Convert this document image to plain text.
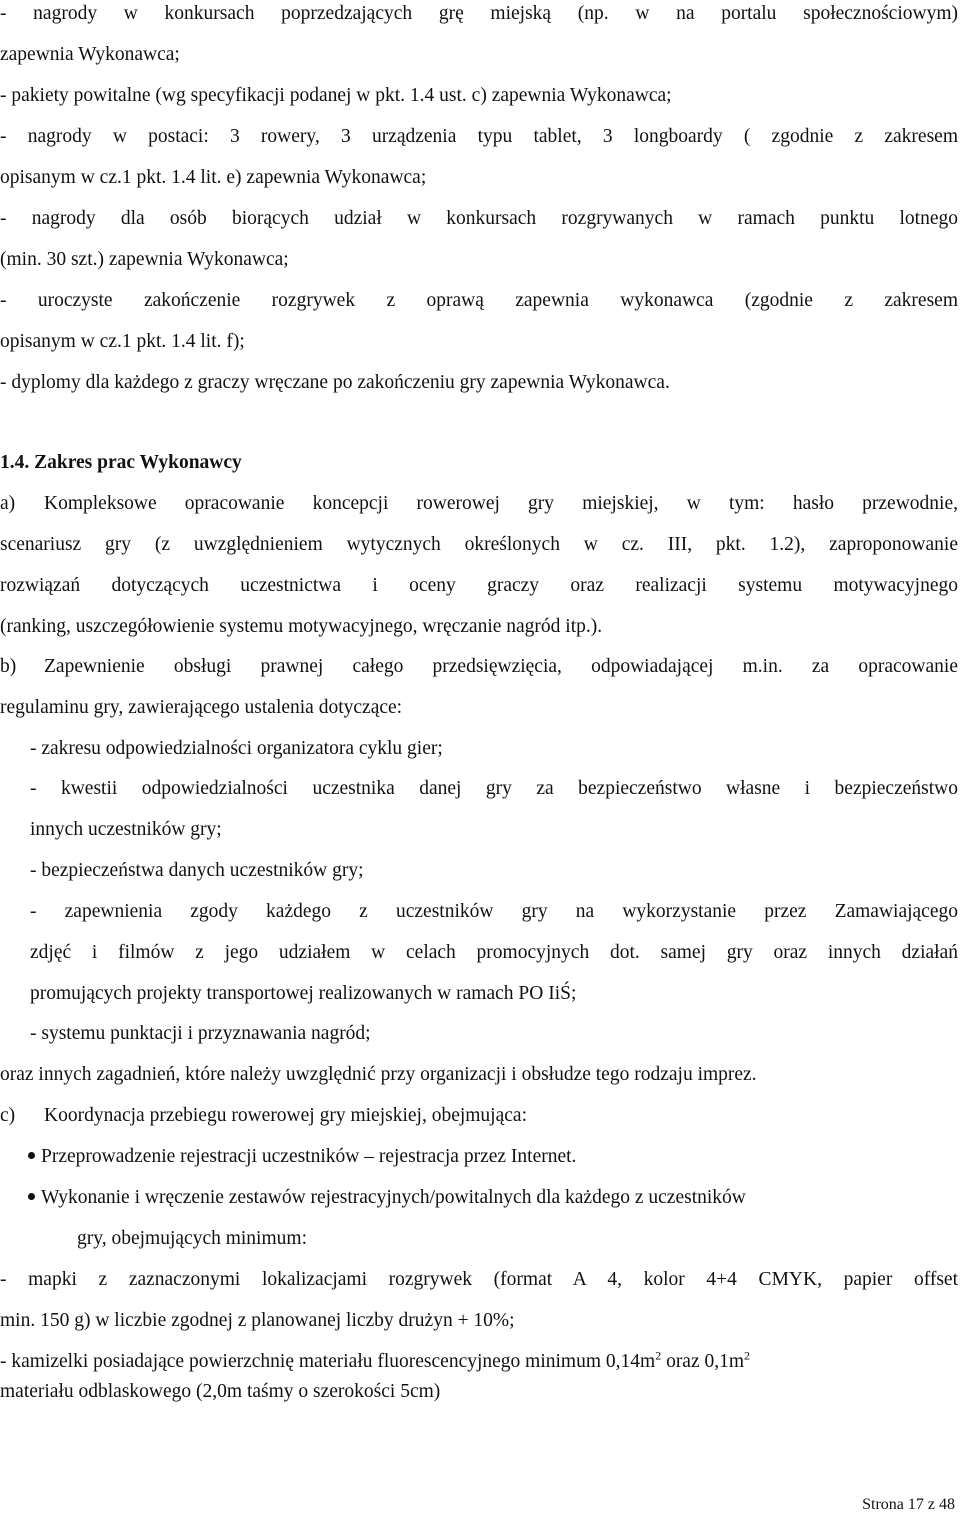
- nagrody w konkursach poprzedzających grę miejską (np. w na portalu społecznościowym)
zapewnia Wykonawca;
- pakiety powitalne (wg specyfikacji podanej w pkt. 1.4 ust. c) zapewnia Wykonawca;
- nagrody w postaci: 3 rowery, 3 urządzenia typu tablet, 3 longboardy ( zgodnie z zakresem
opisanym w cz.1 pkt. 1.4 lit. e) zapewnia Wykonawca;
- nagrody dla osób biorących udział w konkursach rozgrywanych w ramach punktu lotnego
(min. 30 szt.) zapewnia Wykonawca;
- uroczyste zakończenie rozgrywek z oprawą zapewnia wykonawca (zgodnie z zakresem
opisanym w cz.1 pkt. 1.4 lit. f);
- dyplomy dla każdego z graczy wręczane po zakończeniu gry zapewnia Wykonawca.
1.4. Zakres prac Wykonawcy
a) Kompleksowe opracowanie koncepcji rowerowej gry miejskiej, w tym: hasło przewodnie,
scenariusz gry (z uwzględnieniem wytycznych określonych w cz. III, pkt. 1.2), zaproponowanie
rozwiązań dotyczących uczestnictwa i oceny graczy oraz realizacji systemu motywacyjnego
(ranking, uszczegółowienie systemu motywacyjnego, wręczanie nagród itp.).
b) Zapewnienie obsługi prawnej całego przedsięwzięcia, odpowiadającej m.in. za opracowanie
regulaminu gry, zawierającego ustalenia dotyczące:
- zakresu odpowiedzialności organizatora cyklu gier;
- kwestii odpowiedzialności uczestnika danej gry za bezpieczeństwo własne i bezpieczeństwo
innych uczestników gry;
- bezpieczeństwa danych uczestników gry;
- zapewnienia zgody każdego z uczestników gry na wykorzystanie przez Zamawiającego
zdjęć i filmów z jego udziałem w celach promocyjnych dot. samej gry oraz innych działań
promujących projekty transportowej realizowanych w ramach PO IiŚ;
- systemu punktacji i przyznawania nagród;
oraz innych zagadnień, które należy uwzględnić przy organizacji i obsłudze tego rodzaju imprez.
c) Koordynacja przebiegu rowerowej gry miejskiej, obejmująca:
Przeprowadzenie rejestracji uczestników – rejestracja przez Internet.
Wykonanie i wręczenie zestawów rejestracyjnych/powitalnych dla każdego z uczestników
gry, obejmujących minimum:
- mapki z zaznaczonymi lokalizacjami rozgrywek (format A 4, kolor 4+4 CMYK, papier offset
min. 150 g) w liczbie zgodnej z planowanej liczby drużyn + 10%;
- kamizelki posiadające powierzchnię materiału fluorescencyjnego minimum $0,14m^2$ oraz $0,1m^2$
materiału odblaskowego (2,0m taśmy o szerokości 5cm)
Strona 17 z 48
